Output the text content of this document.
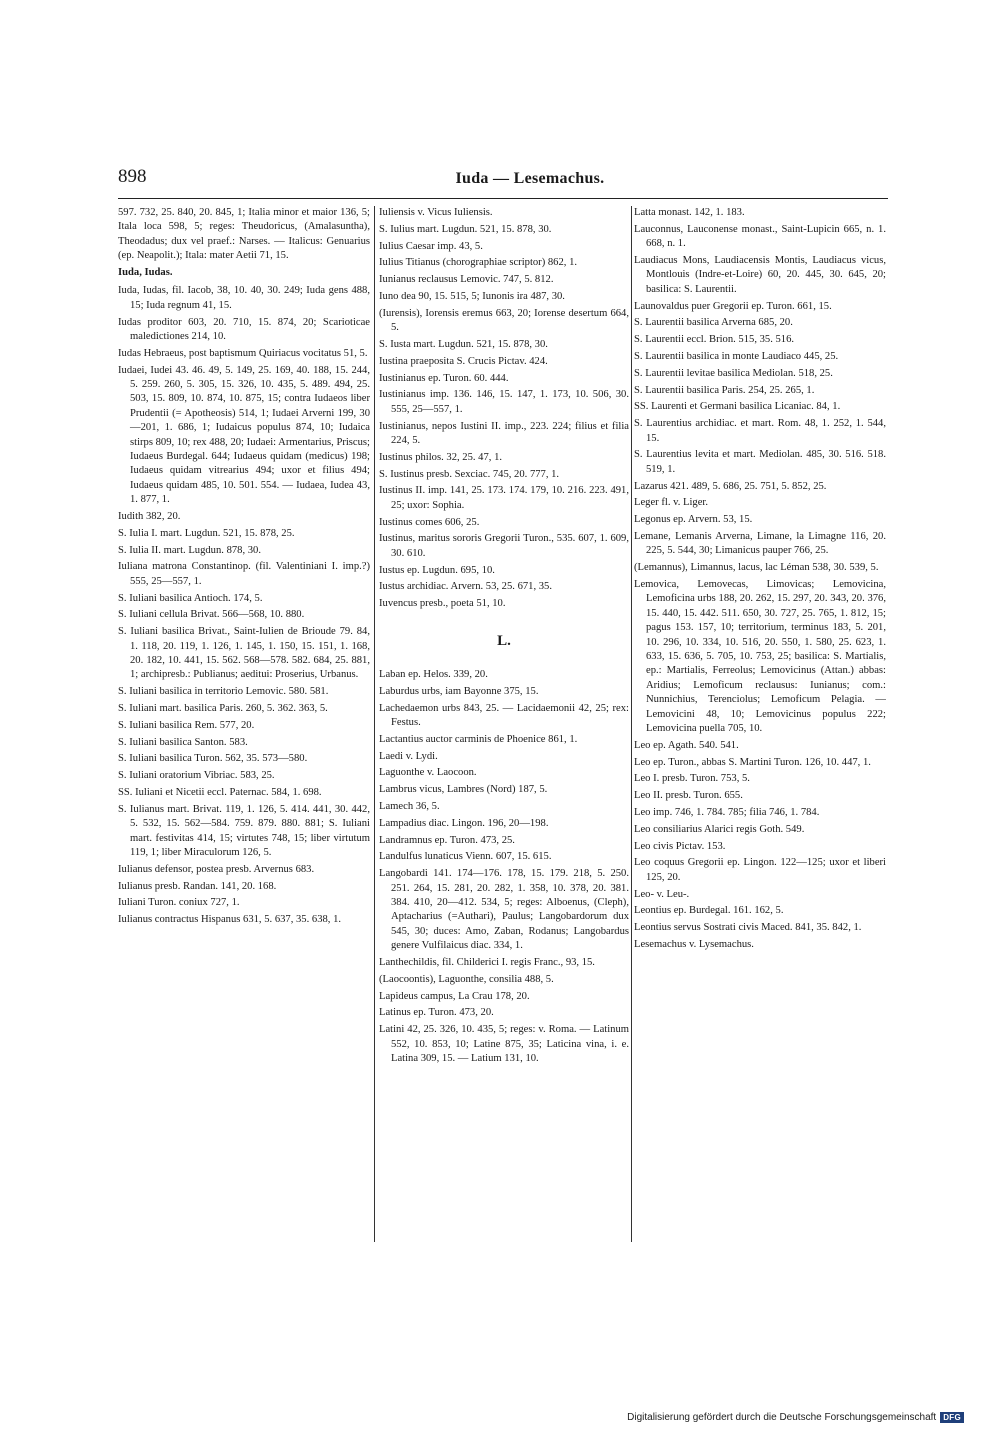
898	Iuda — Lesemachus.

597. 732, 25. 840, 20. 845, 1; Italia minor et maior 136, 5; Itala loca 598, 5; reges: Theudoricus, (Amalasuntha), Theodadus; dux vel praef.: Narses. — Italicus: Genuarius (ep. Neapolit.); Itala: mater Aetii 71, 15.

Iuda, Iudas.

Iuda, Iudas, fil. Iacob, 38, 10. 40, 30. 249; Iuda gens 488, 15; Iuda regnum 41, 15.

Iudas proditor 603, 20. 710, 15. 874, 20; Scarioticae maledictiones 214, 10.

Iudas Hebraeus, post baptismum Quiriacus vocitatus 51, 5.

Iudaei, Iudei 43. 46. 49, 5. 149, 25. 169, 40. 188, 15. 244, 5. 259. 260, 5. 305, 15. 326, 10. 435, 5. 489. 494, 25. 503, 15. 809, 10. 874, 10. 875, 15; contra Iudaeos liber Prudentii (= Apotheosis) 514, 1; Iudaei Arverni 199, 30—201, 1. 686, 1; Iudaicus populus 874, 10; Iudaica stirps 809, 10; rex 488, 20; Iudaei: Armentarius, Priscus; Iudaeus Burdegal. 644; Iudaeus quidam (medicus) 198; Iudaeus quidam vitrearius 494; uxor et filius 494; Iudaeus quidam 485, 10. 501. 554. — Iudaea, Iudea 43, 1. 877, 1.

Iudith 382, 20.

S. Iulia I. mart. Lugdun. 521, 15. 878, 25.

S. Iulia II. mart. Lugdun. 878, 30.

Iuliana matrona Constantinop. (fil. Valentiniani I. imp.?) 555, 25—557, 1.

S. Iuliani basilica Antioch. 174, 5.

S. Iuliani cellula Brivat. 566—568, 10. 880.

S. Iuliani basilica Brivat., Saint-Iulien de Brioude 79. 84, 1. 118, 20. 119, 1. 126, 1. 145, 1. 150, 15. 151, 1. 168, 20. 182, 10. 441, 15. 562. 568—578. 582. 684, 25. 881, 1; archipresb.: Publianus; aeditui: Proserius, Urbanus.

S. Iuliani basilica in territorio Lemovic. 580. 581.

S. Iuliani mart. basilica Paris. 260, 5. 362. 363, 5.

S. Iuliani basilica Rem. 577, 20.

S. Iuliani basilica Santon. 583.

S. Iuliani basilica Turon. 562, 35. 573—580.

S. Iuliani oratorium Vibriac. 583, 25.

SS. Iuliani et Nicetii eccl. Paternac. 584, 1. 698.

S. Iulianus mart. Brivat. 119, 1. 126, 5. 414. 441, 30. 442, 5. 532, 15. 562—584. 759. 879. 880. 881; S. Iuliani mart. festivitas 414, 15; virtutes 748, 15; liber virtutum 119, 1; liber Miraculorum 126, 5.

Iulianus defensor, postea presb. Arvernus 683.

Iulianus presb. Randan. 141, 20. 168.

Iuliani Turon. coniux 727, 1.

Iulianus contractus Hispanus 631, 5. 637, 35. 638, 1.

Iuliensis v. Vicus Iuliensis.

S. Iulius mart. Lugdun. 521, 15. 878, 30.

Iulius Caesar imp. 43, 5.

Iulius Titianus (chorographiae scriptor) 862, 1.

Iunianus reclausus Lemovic. 747, 5. 812.

Iuno dea 90, 15. 515, 5; Iunonis ira 487, 30.

(Iurensis), Iorensis eremus 663, 20; Iorense desertum 664, 5.

S. Iusta mart. Lugdun. 521, 15. 878, 30.

Iustina praeposita S. Crucis Pictav. 424.

Iustinianus ep. Turon. 60. 444.

Iustinianus imp. 136. 146, 15. 147, 1. 173, 10. 506, 30. 555, 25—557, 1.

Iustinianus, nepos Iustini II. imp., 223. 224; filius et filia 224, 5.

Iustinus philos. 32, 25. 47, 1.

S. Iustinus presb. Sexciac. 745, 20. 777, 1.

Iustinus II. imp. 141, 25. 173. 174. 179, 10. 216. 223. 491, 25; uxor: Sophia.

Iustinus comes 606, 25.

Iustinus, maritus sororis Gregorii Turon., 535. 607, 1. 609, 30. 610.

Iustus ep. Lugdun. 695, 10.

Iustus archidiac. Arvern. 53, 25. 671, 35.

Iuvencus presb., poeta 51, 10.

L.

Laban ep. Helos. 339, 20.

Laburdus urbs, iam Bayonne 375, 15.

Lachedaemon urbs 843, 25. — Lacidaemonii 42, 25; rex: Festus.

Lactantius auctor carminis de Phoenice 861, 1.

Laedi v. Lydi.

Laguonthe v. Laocoon.

Lambrus vicus, Lambres (Nord) 187, 5.

Lamech 36, 5.

Lampadius diac. Lingon. 196, 20—198.

Landramnus ep. Turon. 473, 25.

Landulfus lunaticus Vienn. 607, 15. 615.

Langobardi 141. 174—176. 178, 15. 179. 218, 5. 250. 251. 264, 15. 281, 20. 282, 1. 358, 10. 378, 20. 381. 384. 410, 20—412. 534, 5; reges: Alboenus, (Cleph), Aptacharius (=Authari), Paulus; Langobardorum dux 545, 30; duces: Amo, Zaban, Rodanus; Langobardus genere Vulfilaicus diac. 334, 1.

Lanthechildis, fil. Childerici I. regis Franc., 93, 15.

(Laocoontis), Laguonthe, consilia 488, 5.

Lapideus campus, La Crau 178, 20.

Latinus ep. Turon. 473, 20.

Latini 42, 25. 326, 10. 435, 5; reges: v. Roma. — Latinum 552, 10. 853, 10; Latine 875, 35; Laticina vina, i. e. Latina 309, 15. — Latium 131, 10.

Latta monast. 142, 1. 183.

Lauconnus, Lauconense monast., Saint-Lupicin 665, n. 1. 668, n. 1.

Laudiacus Mons, Laudiacensis Montis, Laudiacus vicus, Montlouis (Indre-et-Loire) 60, 20. 445, 30. 645, 20; basilica: S. Laurentii.

Launovaldus puer Gregorii ep. Turon. 661, 15.

S. Laurentii basilica Arverna 685, 20.

S. Laurentii eccl. Brion. 515, 35. 516.

S. Laurentii basilica in monte Laudiaco 445, 25.

S. Laurentii levitae basilica Mediolan. 518, 25.

S. Laurentii basilica Paris. 254, 25. 265, 1.

SS. Laurenti et Germani basilica Licaniac. 84, 1.

S. Laurentius archidiac. et mart. Rom. 48, 1. 252, 1. 544, 15.

S. Laurentius levita et mart. Mediolan. 485, 30. 516. 518. 519, 1.

Lazarus 421. 489, 5. 686, 25. 751, 5. 852, 25.

Leger fl. v. Liger.

Legonus ep. Arvern. 53, 15.

Lemane, Lemanis Arverna, Limane, la Limagne 116, 20. 225, 5. 544, 30; Limanicus pauper 766, 25.

(Lemannus), Limannus, lacus, lac Léman 538, 30. 539, 5.

Lemovica, Lemovecas, Limovicas; Lemovicina, Lemoficina urbs 188, 20. 262, 15. 297, 20. 343, 20. 376, 15. 440, 15. 442. 511. 650, 30. 727, 25. 765, 1. 812, 15; pagus 153. 157, 10; territorium, terminus 183, 5. 201, 10. 296, 10. 334, 10. 516, 20. 550, 1. 580, 25. 623, 1. 633, 15. 636, 5. 705, 10. 753, 25; basilica: S. Martialis, ep.: Martialis, Ferreolus; Lemovicinus (Attan.) abbas: Aridius; Lemoficum reclausus: Iunianus; com.: Nunnichius, Terenciolus; Lemoficum Pelagia. — Lemovicini 48, 10; Lemovicinus populus 222; Lemovicina puella 705, 10.

Leo ep. Agath. 540. 541.

Leo ep. Turon., abbas S. Martini Turon. 126, 10. 447, 1.

Leo I. presb. Turon. 753, 5.

Leo II. presb. Turon. 655.

Leo imp. 746, 1. 784. 785; filia 746, 1. 784.

Leo consiliarius Alarici regis Goth. 549.

Leo civis Pictav. 153.

Leo coquus Gregorii ep. Lingon. 122—125; uxor et liberi 125, 20.

Leo- v. Leu-.

Leontius ep. Burdegal. 161. 162, 5.

Leontius servus Sostrati civis Maced. 841, 35. 842, 1.

Lesemachus v. Lysemachus.

Digitalisierung gefördert durch die Deutsche Forschungsgemeinschaft DFG
